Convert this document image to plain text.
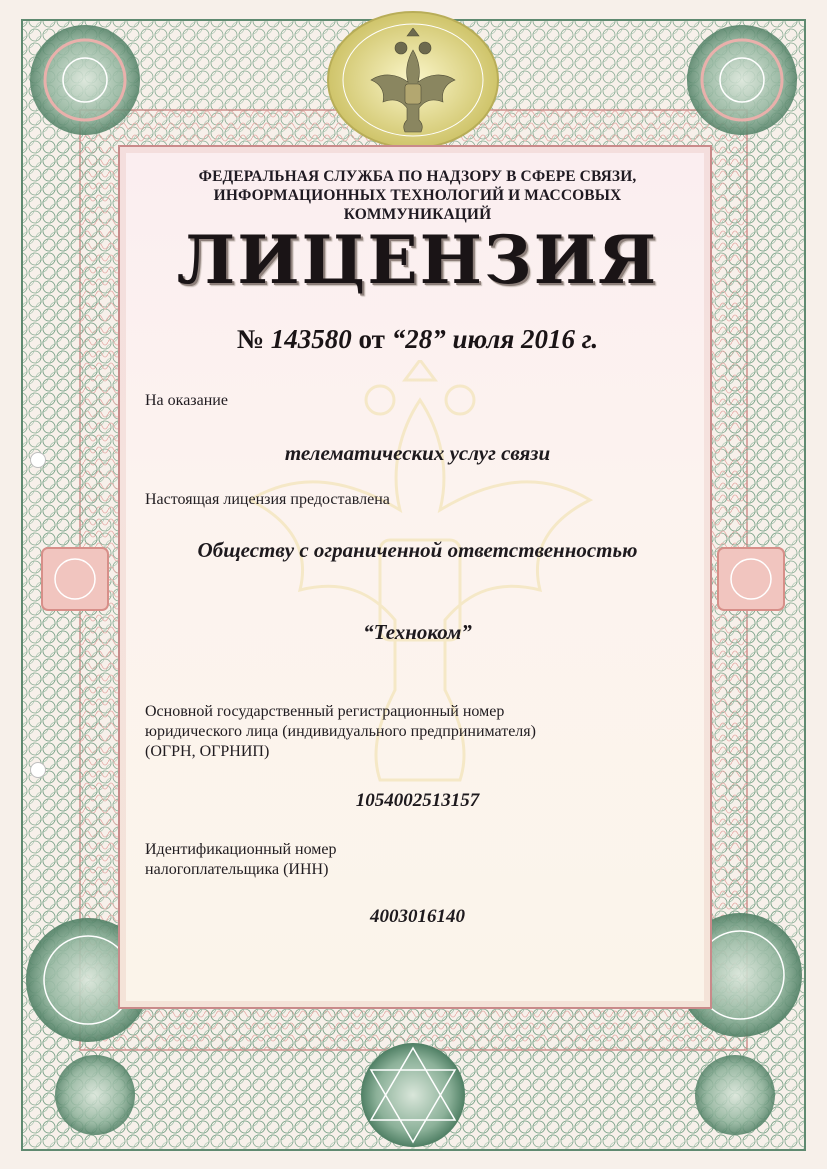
ФЕДЕРАЛЬНАЯ СЛУЖБА ПО НАДЗОРУ В СФЕРЕ СВЯЗИ,
ИНФОРМАЦИОННЫХ ТЕХНОЛОГИЙ И МАССОВЫХ КОММУНИКАЦИЙ
ЛИЦЕНЗИЯ
№ 143580 от “28” июля 2016 г.
На оказание
телематических услуг связи
Настоящая лицензия предоставлена
Обществу с ограниченной ответственностью
“Техноком”
Основной государственный регистрационный номер
юридического лица (индивидуального предпринимателя)
(ОГРН, ОГРНИП)
1054002513157
Идентификационный номер
налогоплательщика (ИНН)
4003016140
